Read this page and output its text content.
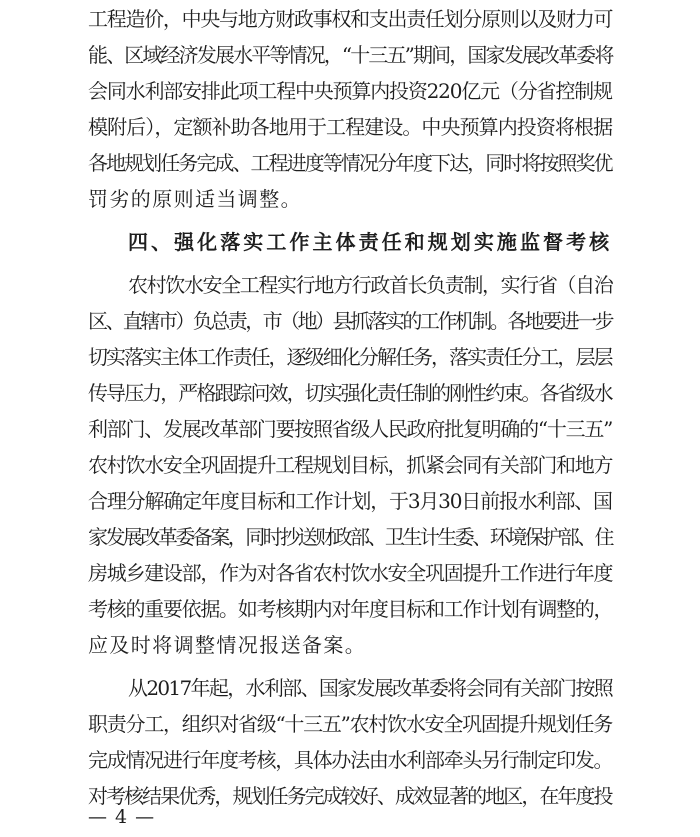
工程造价，中央与地方财政事权和支出责任划分原则以及财力可
能、区域经济发展水平等情况，“十三五”期间，国家发展改革委将
会同水利部安排此项工程中央预算内投资220亿元（分省控制规
模附后），定额补助各地用于工程建设。中央预算内投资将根据
各地规划任务完成、工程进度等情况分年度下达，同时将按照奖优
罚劣的原则适当调整。
四、强化落实工作主体责任和规划实施监督考核
农村饮水安全工程实行地方行政首长负责制，实行省（自治
区、直辖市）负总责，市（地）县抓落实的工作机制。各地要进一步
切实落实主体工作责任，逐级细化分解任务，落实责任分工，层层
传导压力，严格跟踪问效，切实强化责任制的刚性约束。各省级水
利部门、发展改革部门要按照省级人民政府批复明确的“十三五”
农村饮水安全巩固提升工程规划目标，抓紧会同有关部门和地方
合理分解确定年度目标和工作计划，于3月30日前报水利部、国
家发展改革委备案，同时抄送财政部、卫生计生委、环境保护部、住
房城乡建设部，作为对各省农村饮水安全巩固提升工作进行年度
考核的重要依据。如考核期内对年度目标和工作计划有调整的，
应及时将调整情况报送备案。
从2017年起，水利部、国家发展改革委将会同有关部门按照
职责分工，组织对省级“十三五”农村饮水安全巩固提升规划任务
完成情况进行年度考核，具体办法由水利部牵头另行制定印发。
对考核结果优秀，规划任务完成较好、成效显著的地区，在年度投
— 4 —
